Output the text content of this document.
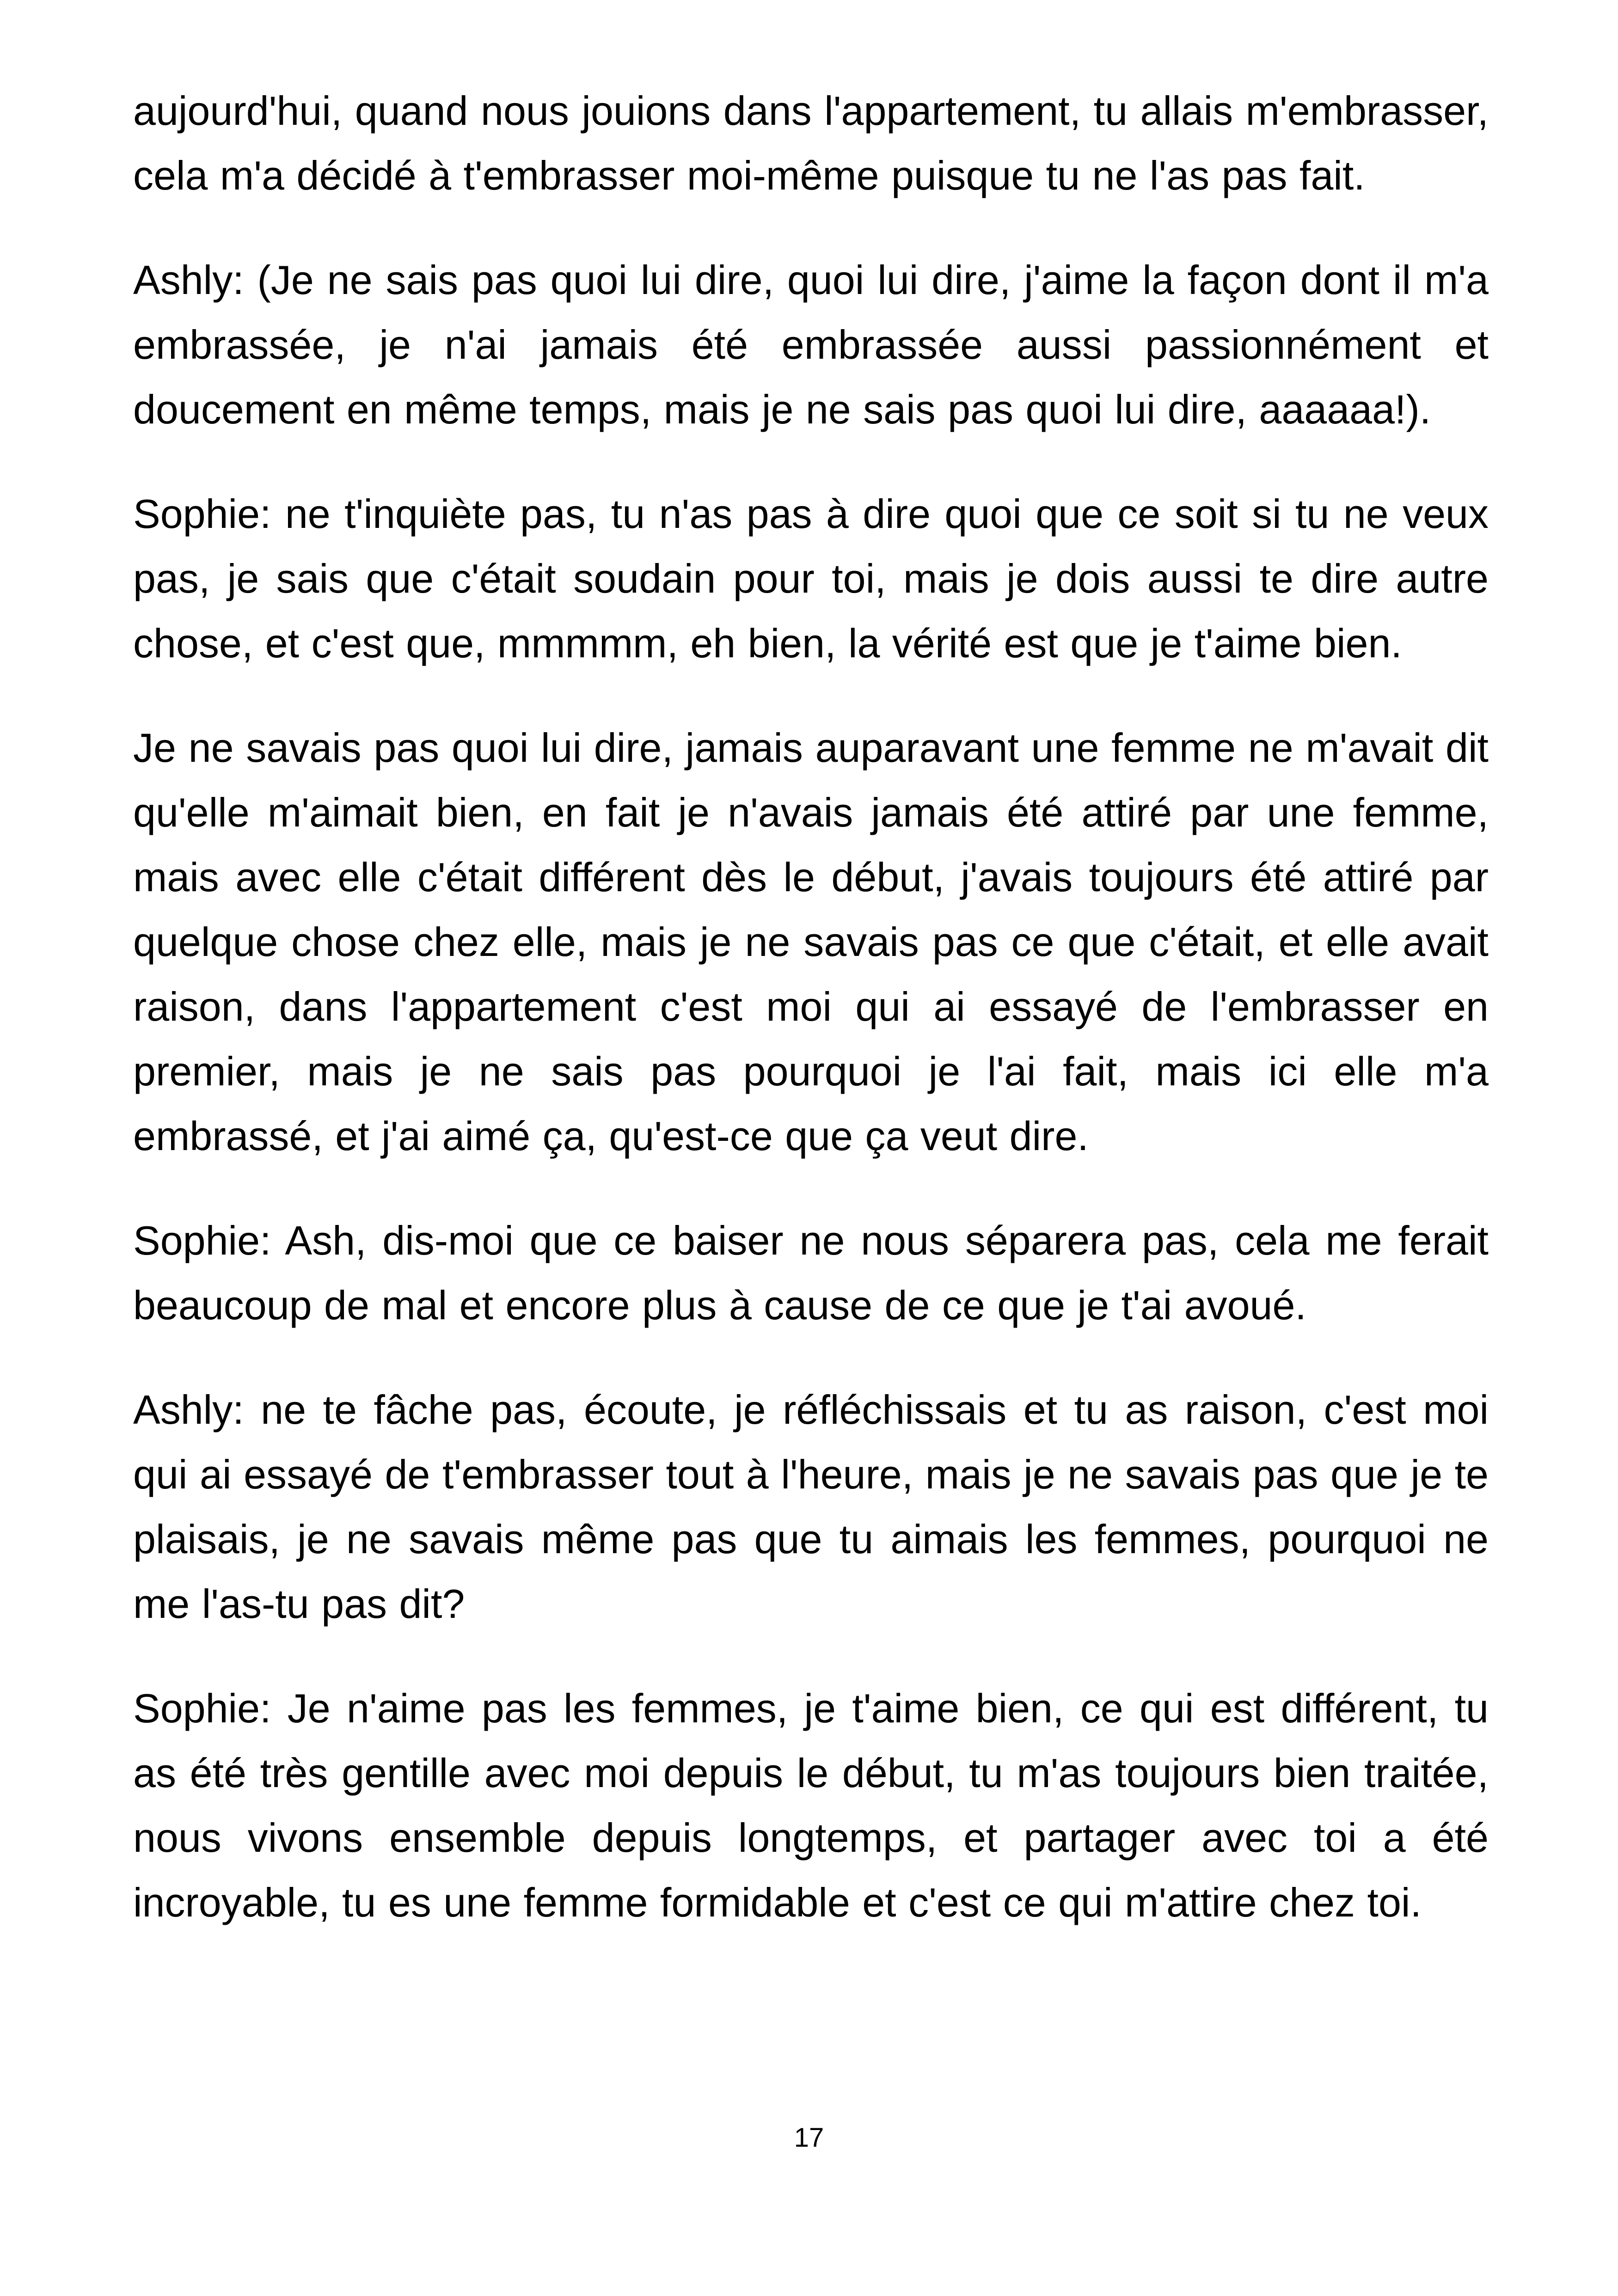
aujourd'hui, quand nous jouions dans l'appartement, tu allais m'embrasser, cela m'a décidé à t'embrasser moi-même puisque tu ne l'as pas fait.

Ashly: (Je ne sais pas quoi lui dire, quoi lui dire, j'aime la façon dont il m'a embrassée, je n'ai jamais été embrassée aussi passionnément et doucement en même temps, mais je ne sais pas quoi lui dire, aaaaaa!).

Sophie: ne t'inquiète pas, tu n'as pas à dire quoi que ce soit si tu ne veux pas, je sais que c'était soudain pour toi, mais je dois aussi te dire autre chose, et c'est que, mmmmm, eh bien, la vérité est que je t'aime bien.

Je ne savais pas quoi lui dire, jamais auparavant une femme ne m'avait dit qu'elle m'aimait bien, en fait je n'avais jamais été attiré par une femme, mais avec elle c'était différent dès le début, j'avais toujours été attiré par quelque chose chez elle, mais je ne savais pas ce que c'était, et elle avait raison, dans l'appartement c'est moi qui ai essayé de l'embrasser en premier, mais je ne sais pas pourquoi je l'ai fait, mais ici elle m'a embrassé, et j'ai aimé ça, qu'est-ce que ça veut dire.

Sophie: Ash, dis-moi que ce baiser ne nous séparera pas, cela me ferait beaucoup de mal et encore plus à cause de ce que je t'ai avoué.

Ashly: ne te fâche pas, écoute, je réfléchissais et tu as raison, c'est moi qui ai essayé de t'embrasser tout à l'heure, mais je ne savais pas que je te plaisais, je ne savais même pas que tu aimais les femmes, pourquoi ne me l'as-tu pas dit?

Sophie: Je n'aime pas les femmes, je t'aime bien, ce qui est différent, tu as été très gentille avec moi depuis le début, tu m'as toujours bien traitée, nous vivons ensemble depuis longtemps, et partager avec toi a été incroyable, tu es une femme formidable et c'est ce qui m'attire chez toi.

17
